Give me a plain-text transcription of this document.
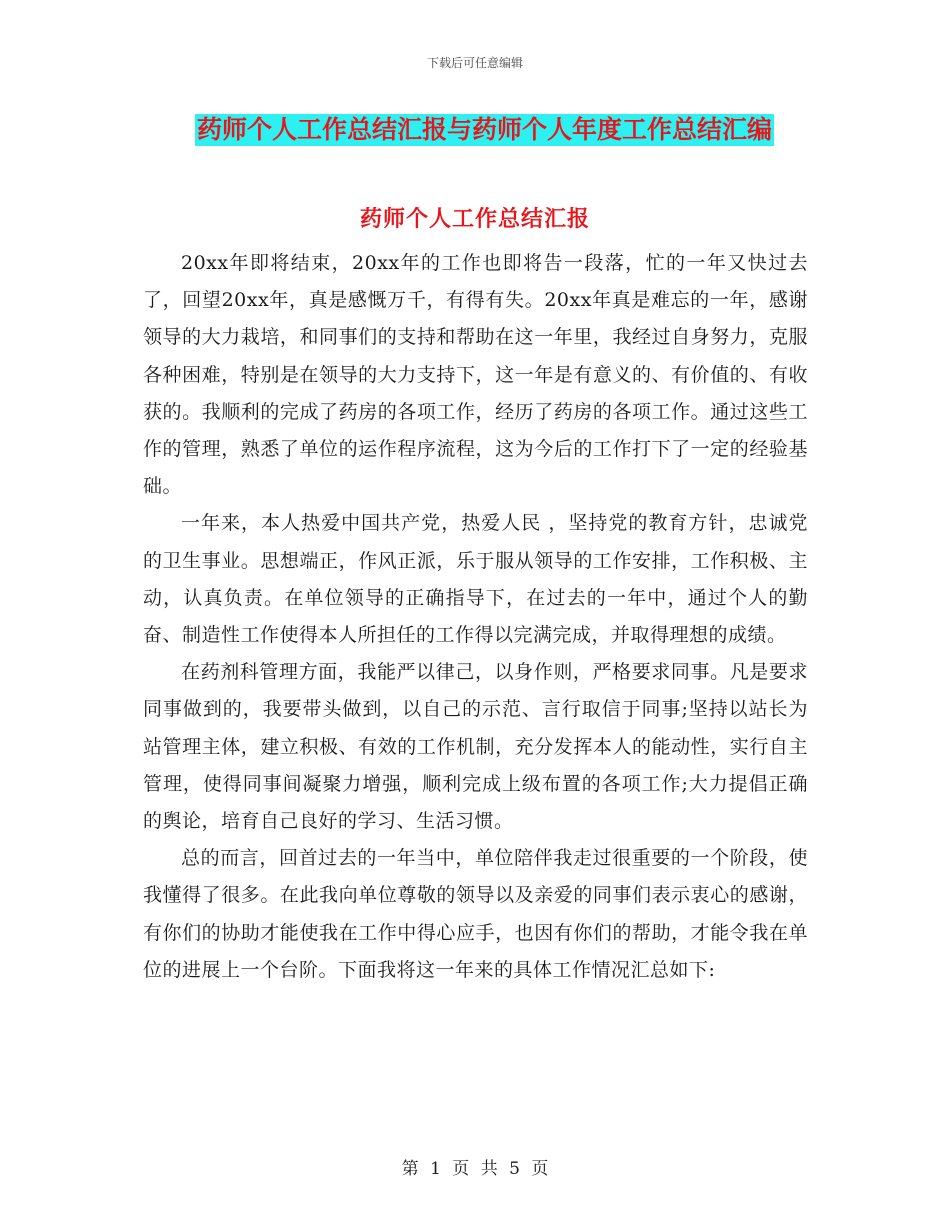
下载后可任意编辑
药师个人工作总结汇报与药师个人年度工作总结汇编
药师个人工作总结汇报

20xx年即将结束，20xx年的工作也即将告一段落，忙的一年又快过去了，回望20xx年，真是感慨万千，有得有失。20xx年真是难忘的一年，感谢领导的大力栽培，和同事们的支持和帮助在这一年里，我经过自身努力，克服各种困难，特别是在领导的大力支持下，这一年是有意义的、有价值的、有收获的。我顺利的完成了药房的各项工作，经历了药房的各项工作。通过这些工作的管理，熟悉了单位的运作程序流程，这为今后的工作打下了一定的经验基础。

一年来，本人热爱中国共产党，热爱人民 ，坚持党的教育方针，忠诚党的卫生事业。思想端正，作风正派，乐于服从领导的工作安排，工作积极、主动，认真负责。在单位领导的正确指导下，在过去的一年中，通过个人的勤奋、制造性工作使得本人所担任的工作得以完满完成，并取得理想的成绩。

在药剂科管理方面，我能严以律己，以身作则，严格要求同事。凡是要求同事做到的，我要带头做到，以自己的示范、言行取信于同事;坚持以站长为站管理主体，建立积极、有效的工作机制，充分发挥本人的能动性，实行自主管理，使得同事间凝聚力增强，顺利完成上级布置的各项工作;大力提倡正确的舆论，培育自己良好的学习、生活习惯。

总的而言，回首过去的一年当中，单位陪伴我走过很重要的一个阶段，使我懂得了很多。在此我向单位尊敬的领导以及亲爱的同事们表示衷心的感谢，有你们的协助才能使我在工作中得心应手，也因有你们的帮助，才能令我在单位的进展上一个台阶。下面我将这一年来的具体工作情况汇总如下:

第 1 页 共 5 页
